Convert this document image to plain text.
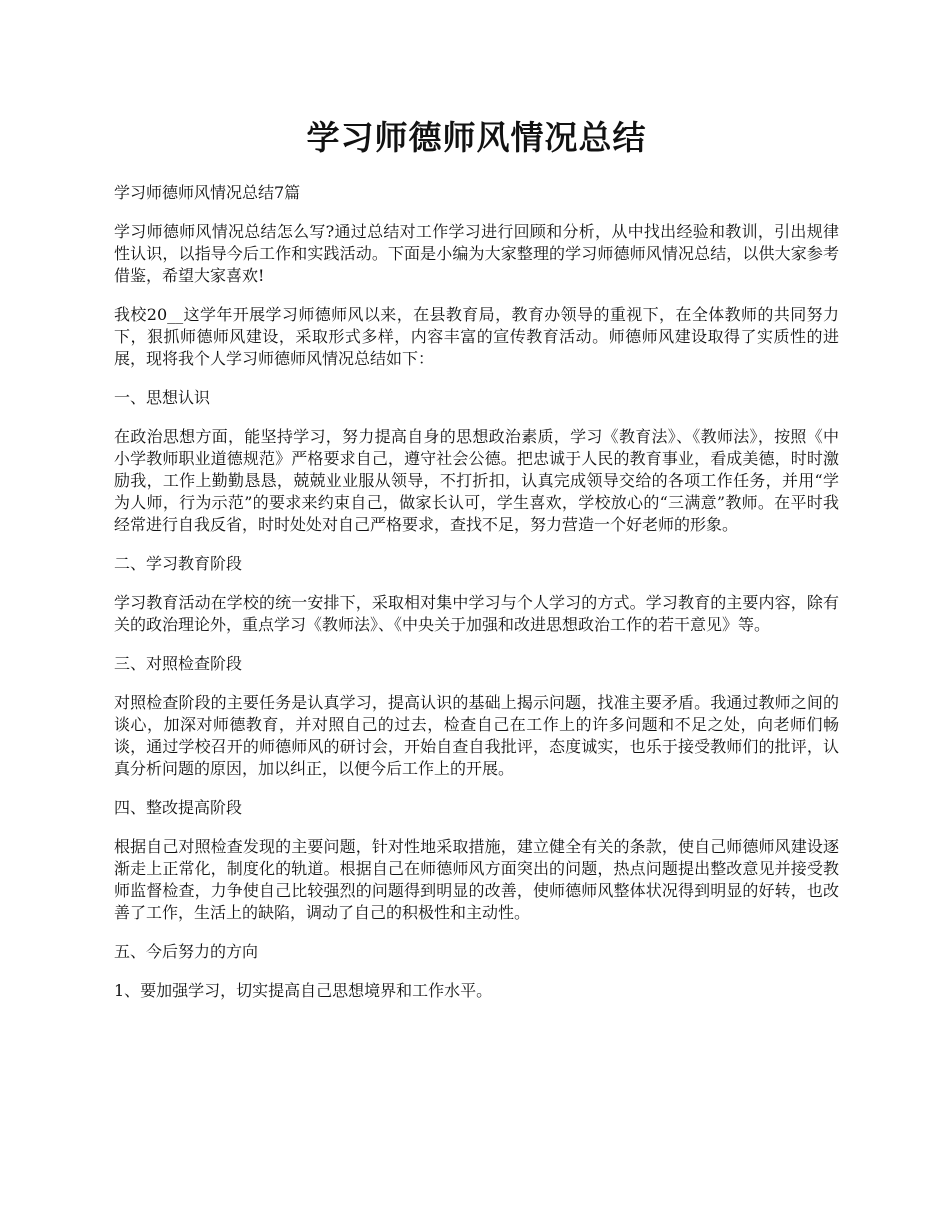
学习师德师风情况总结

学习师德师风情况总结7篇

学习师德师风情况总结怎么写?通过总结对工作学习进行回顾和分析，从中找出经验和教训，引出规律性认识，以指导今后工作和实践活动。下面是小编为大家整理的学习师德师风情况总结，以供大家参考借鉴，希望大家喜欢!

我校20__这学年开展学习师德师风以来，在县教育局，教育办领导的重视下，在全体教师的共同努力下，狠抓师德师风建设，采取形式多样，内容丰富的宣传教育活动。师德师风建设取得了实质性的进展，现将我个人学习师德师风情况总结如下：

一、思想认识

在政治思想方面，能坚持学习，努力提高自身的思想政治素质，学习《教育法》、《教师法》，按照《中小学教师职业道德规范》严格要求自己，遵守社会公德。把忠诚于人民的教育事业，看成美德，时时激励我，工作上勤勤恳恳，兢兢业业服从领导，不打折扣，认真完成领导交给的各项工作任务，并用“学为人师，行为示范”的要求来约束自己，做家长认可，学生喜欢，学校放心的“三满意”教师。在平时我经常进行自我反省，时时处处对自己严格要求，查找不足，努力营造一个好老师的形象。

二、学习教育阶段

学习教育活动在学校的统一安排下，采取相对集中学习与个人学习的方式。学习教育的主要内容，除有关的政治理论外，重点学习《教师法》、《中央关于加强和改进思想政治工作的若干意见》等。

三、对照检查阶段

对照检查阶段的主要任务是认真学习，提高认识的基础上揭示问题，找准主要矛盾。我通过教师之间的谈心，加深对师德教育，并对照自己的过去，检查自己在工作上的许多问题和不足之处，向老师们畅谈，通过学校召开的师德师风的研讨会，开始自查自我批评，态度诚实，也乐于接受教师们的批评，认真分析问题的原因，加以纠正，以便今后工作上的开展。

四、整改提高阶段

根据自己对照检查发现的主要问题，针对性地采取措施，建立健全有关的条款，使自己师德师风建设逐渐走上正常化，制度化的轨道。根据自己在师德师风方面突出的问题，热点问题提出整改意见并接受教师监督检查，力争使自己比较强烈的问题得到明显的改善，使师德师风整体状况得到明显的好转，也改善了工作，生活上的缺陷，调动了自己的积极性和主动性。

五、今后努力的方向

1、要加强学习，切实提高自己思想境界和工作水平。
